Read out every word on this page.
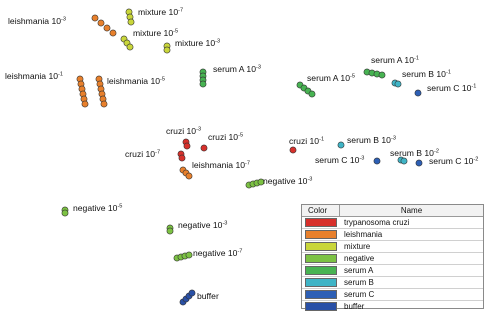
leishmania $10^{-3}$
mixture $10^{-7}$
mixture $10^{-5}$
mixture $10^{-3}$
leishmania $10^{-1}$
leishmania $10^{-5}$
serum A $10^{-3}$
serum A $10^{-1}$
serum A $10^{-5}$	serum B $10^{-1}$
serum C $10^{-1}$
cruzi $10^{-3}$
cruzi $10^{-5}$
cruzi $10^{-7}$
leishmania $10^{-7}$
cruzi $10^{-1}$	serum B $10^{-3}$
serum B $10^{-2}$
serum C $10^{-3}$	serum C $10^{-2}$
negative $10^{-3}$
negative $10^{-5}$
negative $10^{-3}$
negative $10^{-7}$
buffer
Color	Name
trypanosoma cruzi
leishmania
mixture
negative
serum A
serum B
serum C
buffer
